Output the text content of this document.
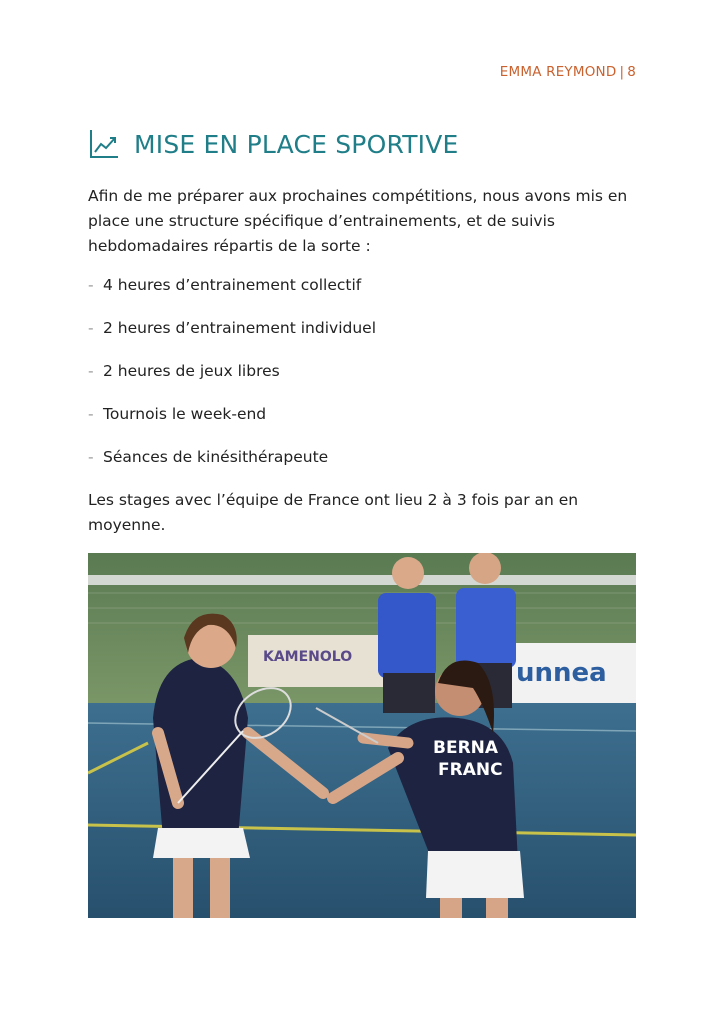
EMMA REYMOND | 8
MISE EN PLACE SPORTIVE

Afin de me préparer aux prochaines compétitions, nous avons mis en place une structure spécifique d’entrainements, et de suivis hebdomadaires répartis de la sorte :

- 4 heures d’entrainement collectif
- 2 heures d’entrainement individuel
- 2 heures de jeux libres
- Tournois le week-end
- Séances de kinésithérapeute

Les stages avec l’équipe de France ont lieu 2 à 3 fois par an en moyenne.

KAMENOLO
unnea
BERNA
FRANC
